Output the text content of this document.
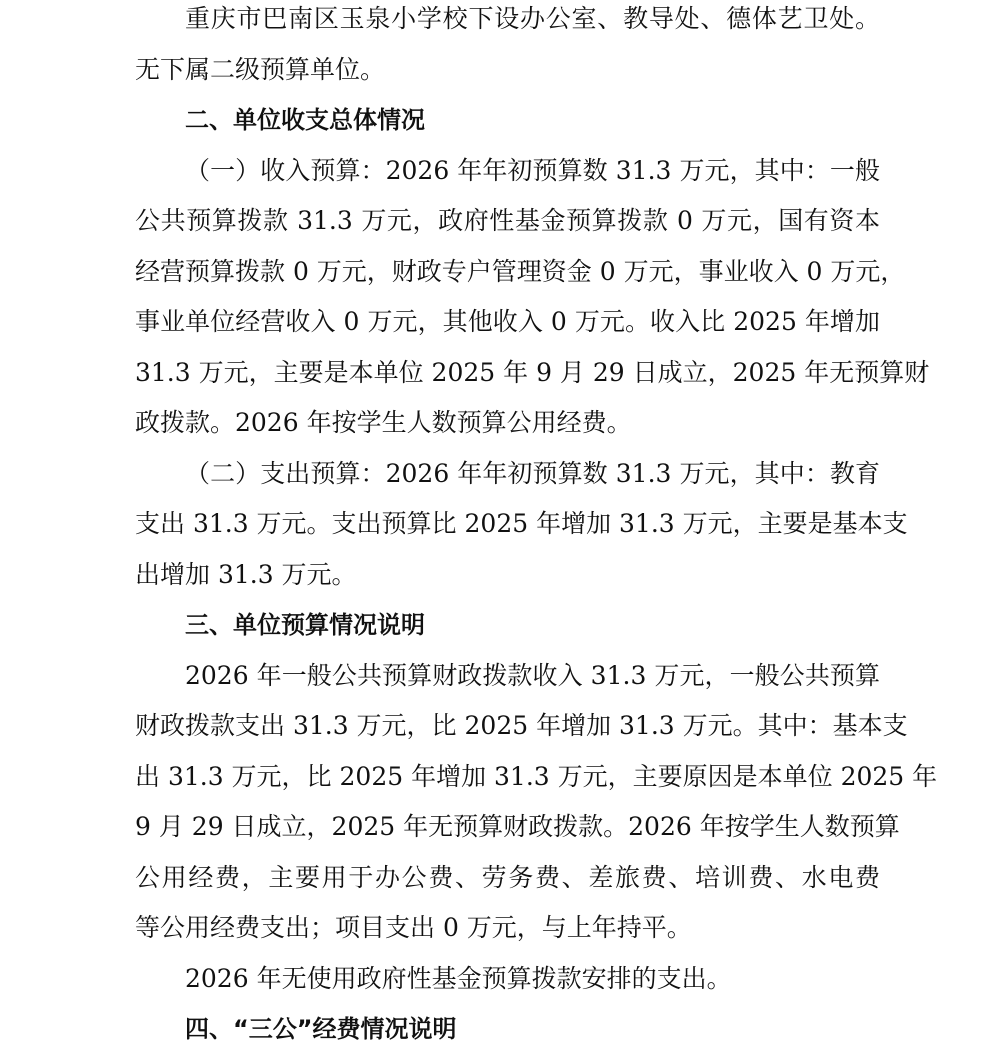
重庆市巴南区玉泉小学校下设办公室、教导处、德体艺卫处。
无下属二级预算单位。
二、单位收支总体情况
（一）收入预算：2026 年年初预算数 31.3 万元，其中：一般
公共预算拨款 31.3 万元，政府性基金预算拨款 0 万元，国有资本
经营预算拨款 0 万元，财政专户管理资金 0 万元，事业收入 0 万元，
事业单位经营收入 0 万元，其他收入 0 万元。收入比 2025 年增加
31.3 万元，主要是本单位 2025 年 9 月 29 日成立，2025 年无预算财
政拨款。2026 年按学生人数预算公用经费。
（二）支出预算：2026 年年初预算数 31.3 万元，其中：教育
支出 31.3 万元。支出预算比 2025 年增加 31.3 万元，主要是基本支
出增加 31.3 万元。
三、单位预算情况说明
2026 年一般公共预算财政拨款收入 31.3 万元，一般公共预算
财政拨款支出 31.3 万元，比 2025 年增加 31.3 万元。其中：基本支
出 31.3 万元，比 2025 年增加 31.3 万元，主要原因是本单位 2025 年
9 月 29 日成立，2025 年无预算财政拨款。2026 年按学生人数预算
公用经费，主要用于办公费、劳务费、差旅费、培训费、水电费
等公用经费支出；项目支出 0 万元，与上年持平。
2026 年无使用政府性基金预算拨款安排的支出。
四、“三公”经费情况说明
